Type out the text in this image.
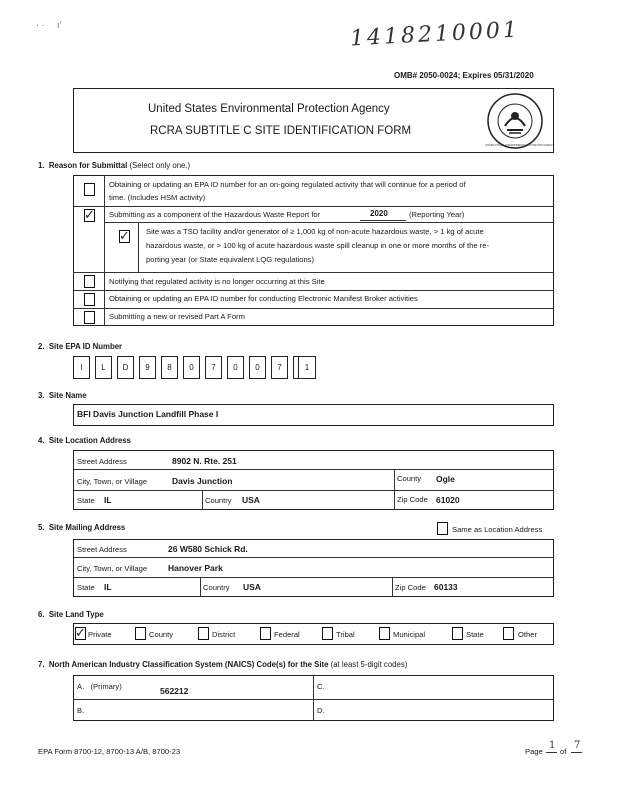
· ·     ı'	1418210001
OMB# 2050-0024; Expires 05/31/2020
United States Environmental Protection Agency
RCRA SUBTITLE C SITE IDENTIFICATION FORM
UNITED STATES ENVIRONMENTAL PROTECTION AGENCY
1. Reason for Submittal (Select only one.)
Obtaining or updating an EPA ID number for an on-going regulated activity that will continue for a period of
time. (Includes HSM activity)
✓ Submitting as a component of the Hazardous Waste Report for	2020	(Reporting Year)
✓ Site was a TSD facility and/or generator of ≥ 1,000 kg of non-acute hazardous waste, > 1 kg of acute
hazardous waste, or > 100 kg of acute hazardous waste spill cleanup in one or more months of the re-
porting year (or State equivalent LQG regulations)
Notifying that regulated activity is no longer occurring at this Site
Obtaining or updating an EPA ID number for conducting Electronic Manifest Broker activities
Submitting a new or revised Part A Form
2. Site EPA ID Number
I	L	D	9	8	0	7	0	0	7	1
3. Site Name
BFI Davis Junction Landfill Phase I
4. Site Location Address
Street Address	8902 N. Rte. 251
City, Town, or Village	Davis Junction	County Ogle
State IL	Country USA	Zip Code 61020
5. Site Mailing Address	Same as Location Address
Street Address	26 W580 Schick Rd.
City, Town, or Village Hanover Park
State IL	Country USA	Zip Code 60133
6. Site Land Type
✓ Private	County	District	Federal	Tribal	Municipal	State	Other
7. North American Industry Classification System (NAICS) Code(s) for the Site (at least 5-digit codes)
A. (Primary)	562212	C.
B.	D.
EPA Form 8700-12, 8700-13 A/B, 8700-23	Page
1
of
7
